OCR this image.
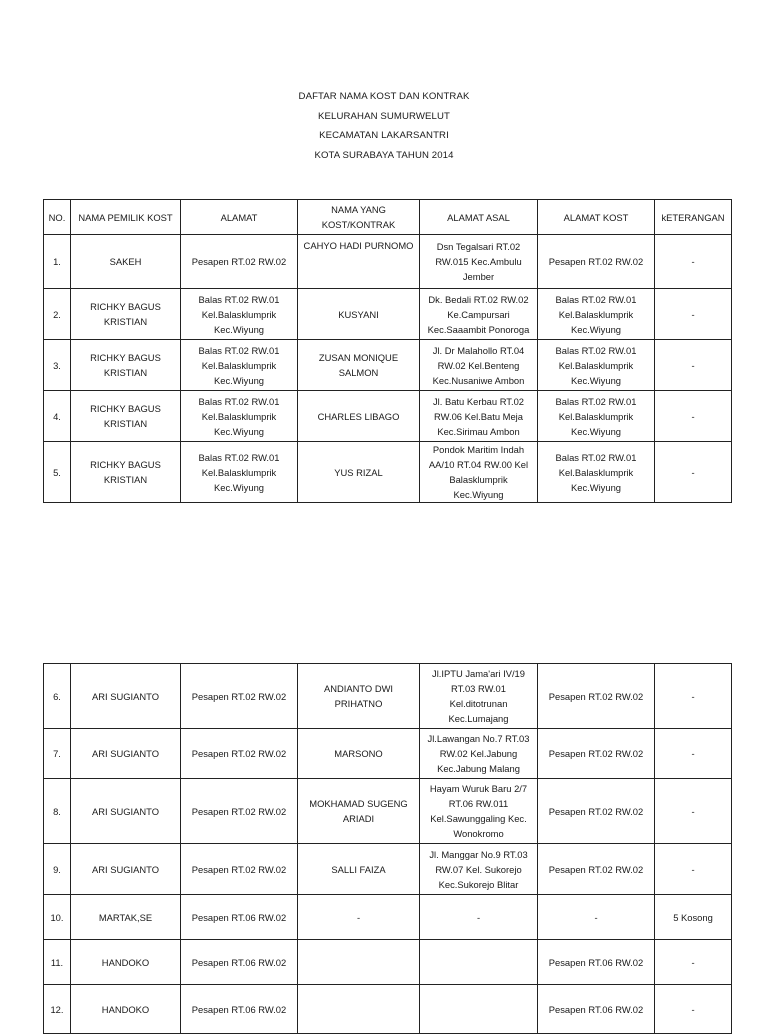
DAFTAR NAMA KOST DAN KONTRAK
KELURAHAN SUMURWELUT
KECAMATAN LAKARSANTRI
KOTA SURABAYA TAHUN 2014
NO.	NAMA PEMILIK KOST	ALAMAT	NAMA YANG
KOST/KONTRAK	ALAMAT ASAL	ALAMAT KOST	kETERANGAN
1.	SAKEH	Pesapen RT.02 RW.02	CAHYO HADI PURNOMO	Dsn Tegalsari RT.02
RW.015 Kec.Ambulu
Jember	Pesapen RT.02 RW.02	-
2.	RICHKY BAGUS
KRISTIAN	Balas RT.02 RW.01
Kel.Balasklumprik
Kec.Wiyung	KUSYANI	Dk. Bedali RT.02 RW.02
Ke.Campursari
Kec.Saaambit Ponoroga	Balas RT.02 RW.01
Kel.Balasklumprik
Kec.Wiyung	-
3.	RICHKY BAGUS
KRISTIAN	Balas RT.02 RW.01
Kel.Balasklumprik
Kec.Wiyung	ZUSAN MONIQUE
SALMON	Jl. Dr Malahollo RT.04
RW.02 Kel.Benteng
Kec.Nusaniwe Ambon	Balas RT.02 RW.01
Kel.Balasklumprik
Kec.Wiyung	-
4.	RICHKY BAGUS
KRISTIAN	Balas RT.02 RW.01
Kel.Balasklumprik
Kec.Wiyung	CHARLES LIBAGO	Jl. Batu Kerbau RT.02
RW.06 Kel.Batu Meja
Kec.Sirimau Ambon	Balas RT.02 RW.01
Kel.Balasklumprik
Kec.Wiyung	-
5.	RICHKY BAGUS
KRISTIAN	Balas RT.02 RW.01
Kel.Balasklumprik
Kec.Wiyung	YUS RIZAL	Pondok Maritim Indah
AA/10 RT.04 RW.00 Kel
Balasklumprik
Kec.Wiyung	Balas RT.02 RW.01
Kel.Balasklumprik
Kec.Wiyung	-
6.	ARI SUGIANTO	Pesapen RT.02 RW.02	ANDIANTO DWI
PRIHATNO	Jl.IPTU Jama'ari IV/19
RT.03 RW.01
Kel.ditotrunan
Kec.Lumajang	Pesapen RT.02 RW.02	-
7.	ARI SUGIANTO	Pesapen RT.02 RW.02	MARSONO	Jl.Lawangan No.7 RT.03
RW.02 Kel.Jabung
Kec.Jabung Malang	Pesapen RT.02 RW.02	-
8.	ARI SUGIANTO	Pesapen RT.02 RW.02	MOKHAMAD SUGENG
ARIADI	Hayam Wuruk Baru 2/7
RT.06 RW.011
Kel.Sawunggaling Kec.
Wonokromo	Pesapen RT.02 RW.02	-
9.	ARI SUGIANTO	Pesapen RT.02 RW.02	SALLI FAIZA	Jl. Manggar No.9 RT.03
RW.07 Kel. Sukorejo
Kec.Sukorejo Blitar	Pesapen RT.02 RW.02	-
10.	MARTAK,SE	Pesapen RT.06 RW.02	-	-	-	5 Kosong
11.	HANDOKO	Pesapen RT.06 RW.02			Pesapen RT.06 RW.02	-
12.	HANDOKO	Pesapen RT.06 RW.02			Pesapen RT.06 RW.02	-
